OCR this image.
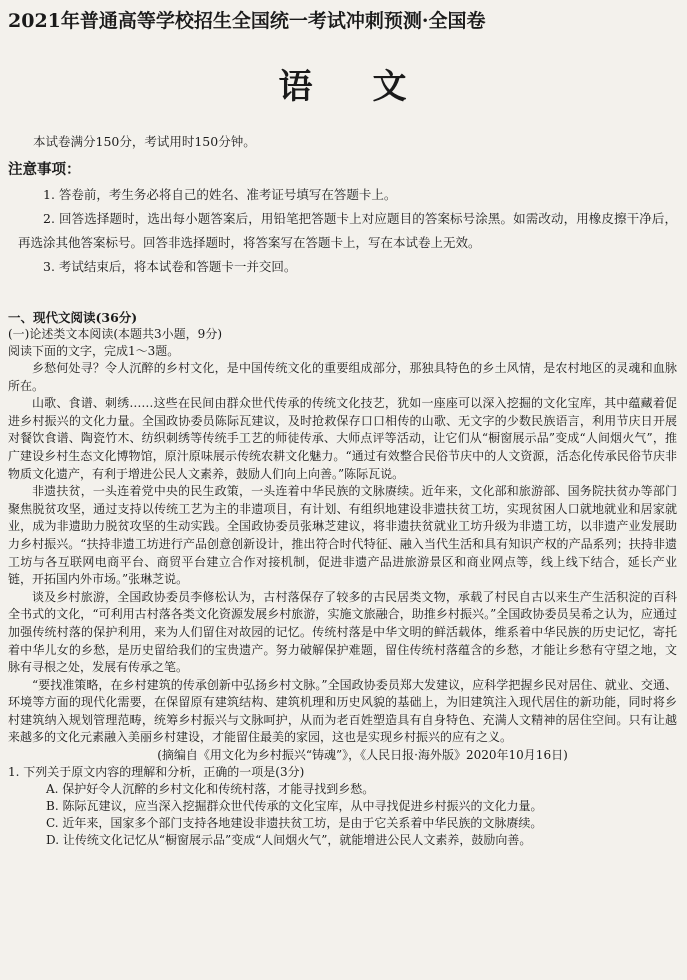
2021年普通高等学校招生全国统一考试冲刺预测·全国卷
语文

本试卷满分150分，考试用时150分钟。

注意事项：

1. 答卷前，考生务必将自己的姓名、准考证号填写在答题卡上。

2. 回答选择题时，选出每小题答案后，用铅笔把答题卡上对应题目的答案标号涂黑。如需改动，用橡皮擦干净后，再选涂其他答案标号。回答非选择题时，将答案写在答题卡上，写在本试卷上无效。

3. 考试结束后，将本试卷和答题卡一并交回。

一、现代文阅读(36分)
(一)论述类文本阅读(本题共3小题，9分)
阅读下面的文字，完成1～3题。

乡愁何处寻？令人沉醉的乡村文化，是中国传统文化的重要组成部分，那独具特色的乡土风情，是农村地区的灵魂和血脉所在。

山歌、食谱、刺绣……这些在民间由群众世代传承的传统文化技艺，犹如一座座可以深入挖掘的文化宝库，其中蕴藏着促进乡村振兴的文化力量。全国政协委员陈际瓦建议，及时抢救保存口口相传的山歌、无文字的少数民族语言，利用节庆日开展对餐饮食谱、陶瓷竹木、纺织刺绣等传统手工艺的师徒传承、大师点评等活动，让它们从“橱窗展示品”变成“人间烟火气”，推广建设乡村生态文化博物馆，原汁原味展示传统农耕文化魅力。“通过有效整合民俗节庆中的人文资源，活态化传承民俗节庆非物质文化遗产，有利于增进公民人文素养，鼓励人们向上向善。”陈际瓦说。

非遗扶贫，一头连着党中央的民生政策，一头连着中华民族的文脉赓续。近年来，文化部和旅游部、国务院扶贫办等部门聚焦脱贫攻坚，通过支持以传统工艺为主的非遗项目，有计划、有组织地建设非遗扶贫工坊，实现贫困人口就地就业和居家就业，成为非遗助力脱贫攻坚的生动实践。全国政协委员张琳芝建议，将非遗扶贫就业工坊升级为非遗工坊，以非遗产业发展助力乡村振兴。“扶持非遗工坊进行产品创意创新设计，推出符合时代特征、融入当代生活和具有知识产权的产品系列；扶持非遗工坊与各互联网电商平台、商贸平台建立合作对接机制，促进非遗产品进旅游景区和商业网点等，线上线下结合，延长产业链，开拓国内外市场。”张琳芝说。

谈及乡村旅游，全国政协委员李修松认为，古村落保存了较多的古民居类文物，承载了村民自古以来生产生活积淀的百科全书式的文化，“可利用古村落各类文化资源发展乡村旅游，实施文旅融合，助推乡村振兴。”全国政协委员吴希之认为，应通过加强传统村落的保护利用，来为人们留住对故园的记忆。传统村落是中华文明的鲜活载体，维系着中华民族的历史记忆，寄托着中华儿女的乡愁，是历史留给我们的宝贵遗产。努力破解保护难题，留住传统村落蕴含的乡愁，才能让乡愁有守望之地，文脉有寻根之处，发展有传承之笔。

“要找准策略，在乡村建筑的传承创新中弘扬乡村文脉。”全国政协委员郑大发建议，应科学把握乡民对居住、就业、交通、环境等方面的现代化需要，在保留原有建筑结构、建筑机理和历史风貌的基础上，为旧建筑注入现代居住的新功能，同时将乡村建筑纳入规划管理范畴，统筹乡村振兴与文脉呵护，从而为老百姓塑造具有自身特色、充满人文精神的居住空间。只有让越来越多的文化元素融入美丽乡村建设，才能留住最美的家园，这也是实现乡村振兴的应有之义。

(摘编自《用文化为乡村振兴“铸魂”》，《人民日报·海外版》2020年10月16日)
1. 下列关于原文内容的理解和分析，正确的一项是(3分)
A. 保护好令人沉醉的乡村文化和传统村落，才能寻找到乡愁。
B. 陈际瓦建议，应当深入挖掘群众世代传承的文化宝库，从中寻找促进乡村振兴的文化力量。
C. 近年来，国家多个部门支持各地建设非遗扶贫工坊，是由于它关系着中华民族的文脉赓续。
D. 让传统文化记忆从“橱窗展示品”变成“人间烟火气”，就能增进公民人文素养，鼓励向善。
